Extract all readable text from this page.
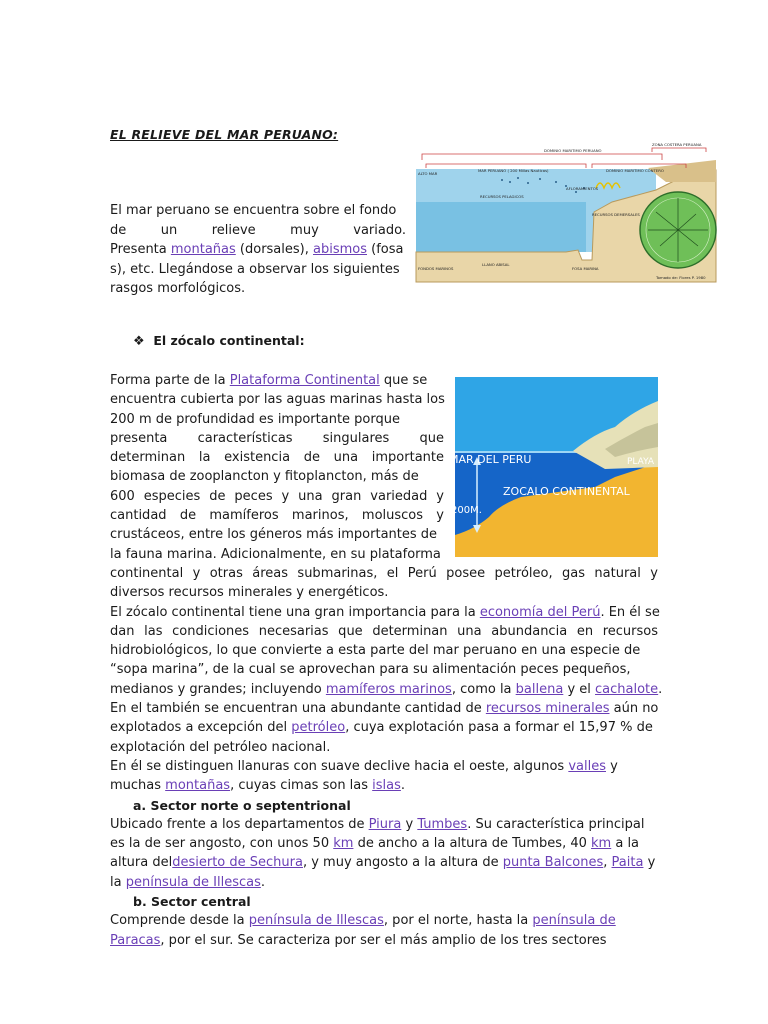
EL RELIEVE DEL MAR PERUANO:
DOMINIO MARITIMO PERUANO
ZONA COSTERA PERUANA
MAR PERUANO ( 200 Millas Nauticas)	DOMINIO MARITIMO CONTERO
ALTO MAR
AFLORAMIENTOS
RECURSOS PELAGICOS
RECURSOS DEMERSALES
LLANO ABISAL
FOSA MARINA
FONDOS MARINOS
Tomado de: Flores P. 1980

El mar peruano se encuentra sobre el fondo

de	un	relieve	muy	variado.

Presenta montañas (dorsales), abismos (fosa

s), etc. Llegándose a observar los siguientes

rasgos morfológicos.

❖ El zócalo continental:
MAR DEL PERU
ZOCALO CONTINENTAL
PLAYA
200M.

Forma parte de la Plataforma Continental que se

encuentra cubierta por las aguas marinas hasta los

200 m de profundidad es importante porque

presenta características singulares que

determinan la existencia de una importante

biomasa de zooplancton y fitoplancton, más de

600 especies de peces y una gran variedad y

cantidad de mamíferos marinos, moluscos y

crustáceos, entre los géneros más importantes de

la fauna marina. Adicionalmente, en su plataforma

continental y otras áreas submarinas, el Perú posee petróleo, gas natural y

diversos recursos minerales y energéticos.

El zócalo continental tiene una gran importancia para la economía del Perú. En él se

dan las condiciones necesarias que determinan una abundancia en recursos

hidrobiológicos, lo que convierte a esta parte del mar peruano en una especie de

“sopa marina”, de la cual se aprovechan para su alimentación peces pequeños,

medianos y grandes; incluyendo mamíferos marinos, como la ballena y el cachalote.

En el también se encuentran una abundante cantidad de recursos minerales aún no

explotados a excepción del petróleo, cuya explotación pasa a formar el 15,97 % de

explotación del petróleo nacional.

En él se distinguen llanuras con suave declive hacia el oeste, algunos valles y

muchas montañas, cuyas cimas son las islas.

a. Sector norte o septentrional

Ubicado frente a los departamentos de Piura y Tumbes. Su característica principal

es la de ser angosto, con unos 50 km de ancho a la altura de Tumbes, 40 km a la

altura deldesierto de Sechura, y muy angosto a la altura de punta Balcones, Paita y

la península de Illescas.

b. Sector central

Comprende desde la península de Illescas, por el norte, hasta la península de

Paracas, por el sur. Se caracteriza por ser el más amplio de los tres sectores
